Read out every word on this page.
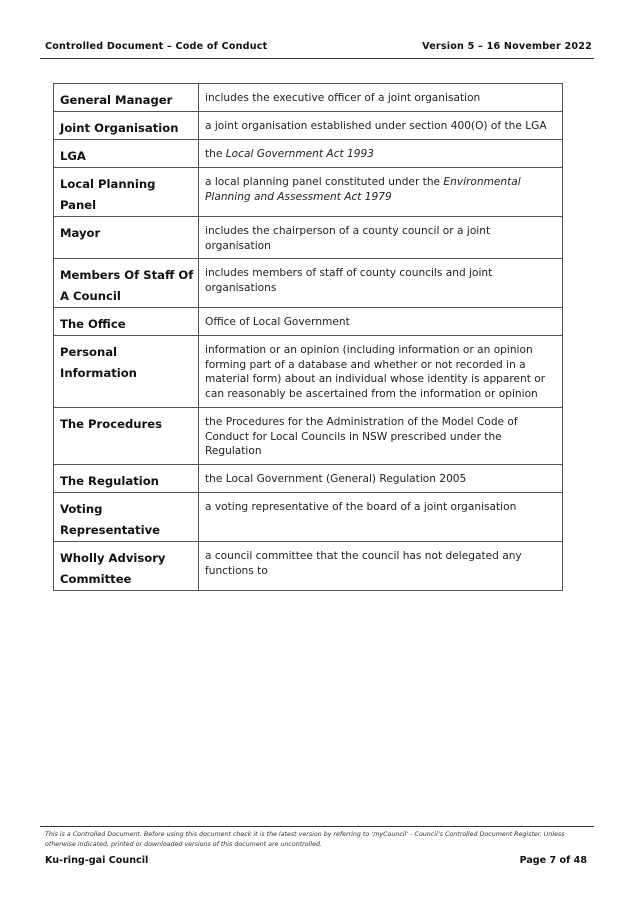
Controlled Document – Code of Conduct	Version 5 – 16 November 2022
General Manager	includes the executive officer of a joint organisation

Joint Organisation	a joint organisation established under section 400(O) of the LGA

LGA	the Local Government Act 1993

Local Planning Panel	a local planning panel constituted under the Environmental Planning and Assessment Act 1979

Mayor	includes the chairperson of a county council or a joint organisation

Members Of Staff Of A Council	includes members of staff of county councils and joint organisations

The Office	Office of Local Government

Personal Information	information or an opinion (including information or an opinion forming part of a database and whether or not recorded in a material form) about an individual whose identity is apparent or can reasonably be ascertained from the information or opinion

The Procedures	the Procedures for the Administration of the Model Code of Conduct for Local Councils in NSW prescribed under the Regulation

The Regulation	the Local Government (General) Regulation 2005

Voting Representative	a voting representative of the board of a joint organisation

Wholly Advisory Committee	a council committee that the council has not delegated any functions to
This is a Controlled Document. Before using this document check it is the latest version by referring to ‘myCouncil’ - Council’s Controlled Document Register. Unless otherwise indicated, printed or downloaded versions of this document are uncontrolled.
Ku-ring-gai Council	Page 7 of 48
